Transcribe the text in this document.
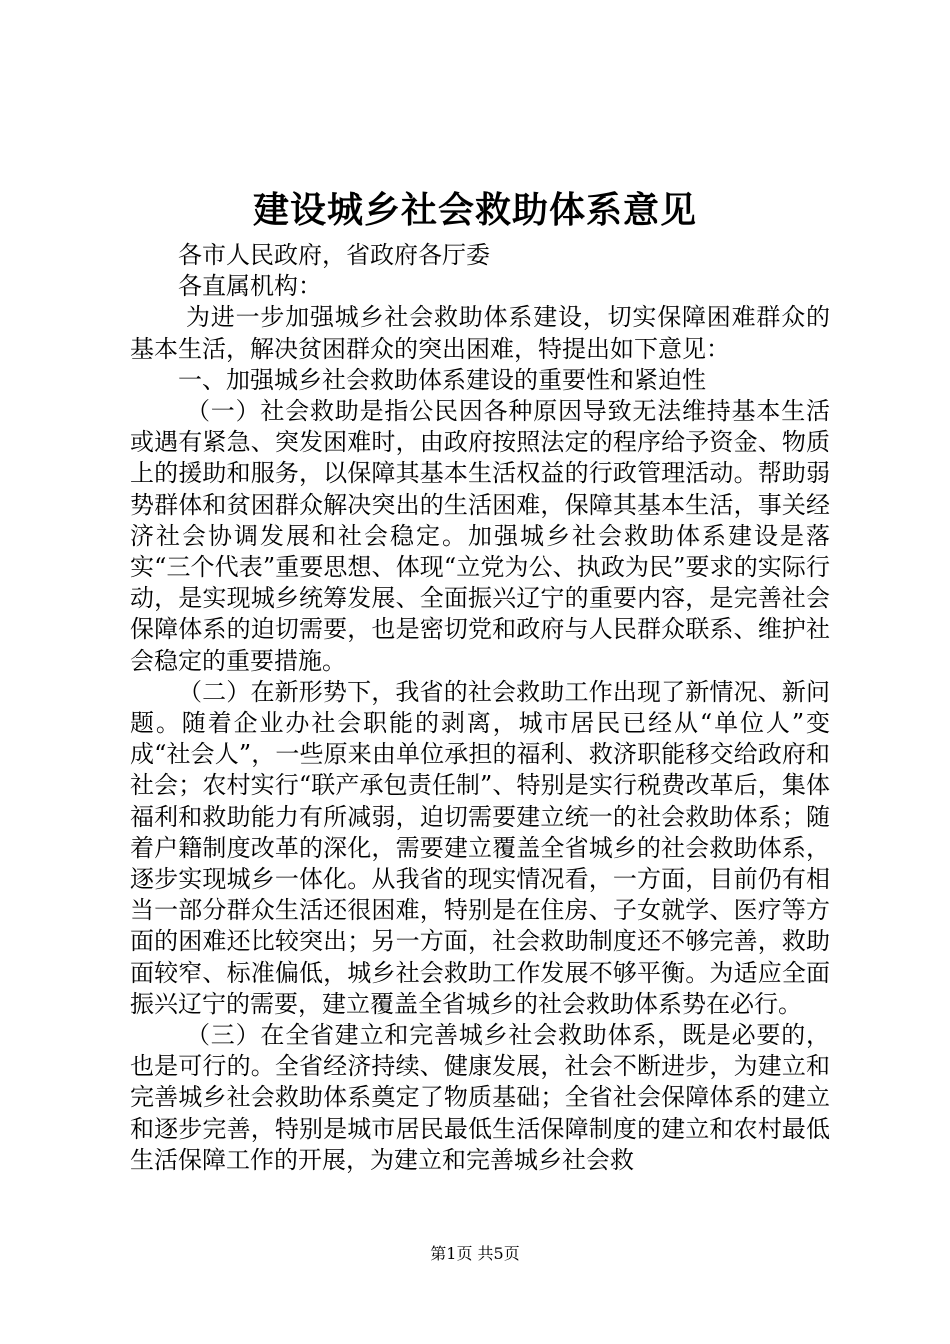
建设城乡社会救助体系意见

各市人民政府，省政府各厅委

各直属机构：

为进一步加强城乡社会救助体系建设，切实保障困难群众的基本生活，解决贫困群众的突出困难，特提出如下意见：

一、加强城乡社会救助体系建设的重要性和紧迫性

（一）社会救助是指公民因各种原因导致无法维持基本生活或遇有紧急、突发困难时，由政府按照法定的程序给予资金、物质上的援助和服务，以保障其基本生活权益的行政管理活动。帮助弱势群体和贫困群众解决突出的生活困难，保障其基本生活，事关经济社会协调发展和社会稳定。加强城乡社会救助体系建设是落实“三个代表”重要思想、体现“立党为公、执政为民”要求的实际行动，是实现城乡统筹发展、全面振兴辽宁的重要内容，是完善社会保障体系的迫切需要，也是密切党和政府与人民群众联系、维护社会稳定的重要措施。

（二）在新形势下，我省的社会救助工作出现了新情况、新问题。随着企业办社会职能的剥离，城市居民已经从“单位人”变成“社会人”，一些原来由单位承担的福利、救济职能移交给政府和社会；农村实行“联产承包责任制”、特别是实行税费改革后，集体福利和救助能力有所减弱，迫切需要建立统一的社会救助体系；随着户籍制度改革的深化，需要建立覆盖全省城乡的社会救助体系，逐步实现城乡一体化。从我省的现实情况看，一方面，目前仍有相当一部分群众生活还很困难，特别是在住房、子女就学、医疗等方面的困难还比较突出；另一方面，社会救助制度还不够完善，救助面较窄、标准偏低，城乡社会救助工作发展不够平衡。为适应全面振兴辽宁的需要，建立覆盖全省城乡的社会救助体系势在必行。

（三）在全省建立和完善城乡社会救助体系，既是必要的，也是可行的。全省经济持续、健康发展，社会不断进步，为建立和完善城乡社会救助体系奠定了物质基础；全省社会保障体系的建立和逐步完善，特别是城市居民最低生活保障制度的建立和农村最低生活保障工作的开展，为建立和完善城乡社会救

第1页 共5页
